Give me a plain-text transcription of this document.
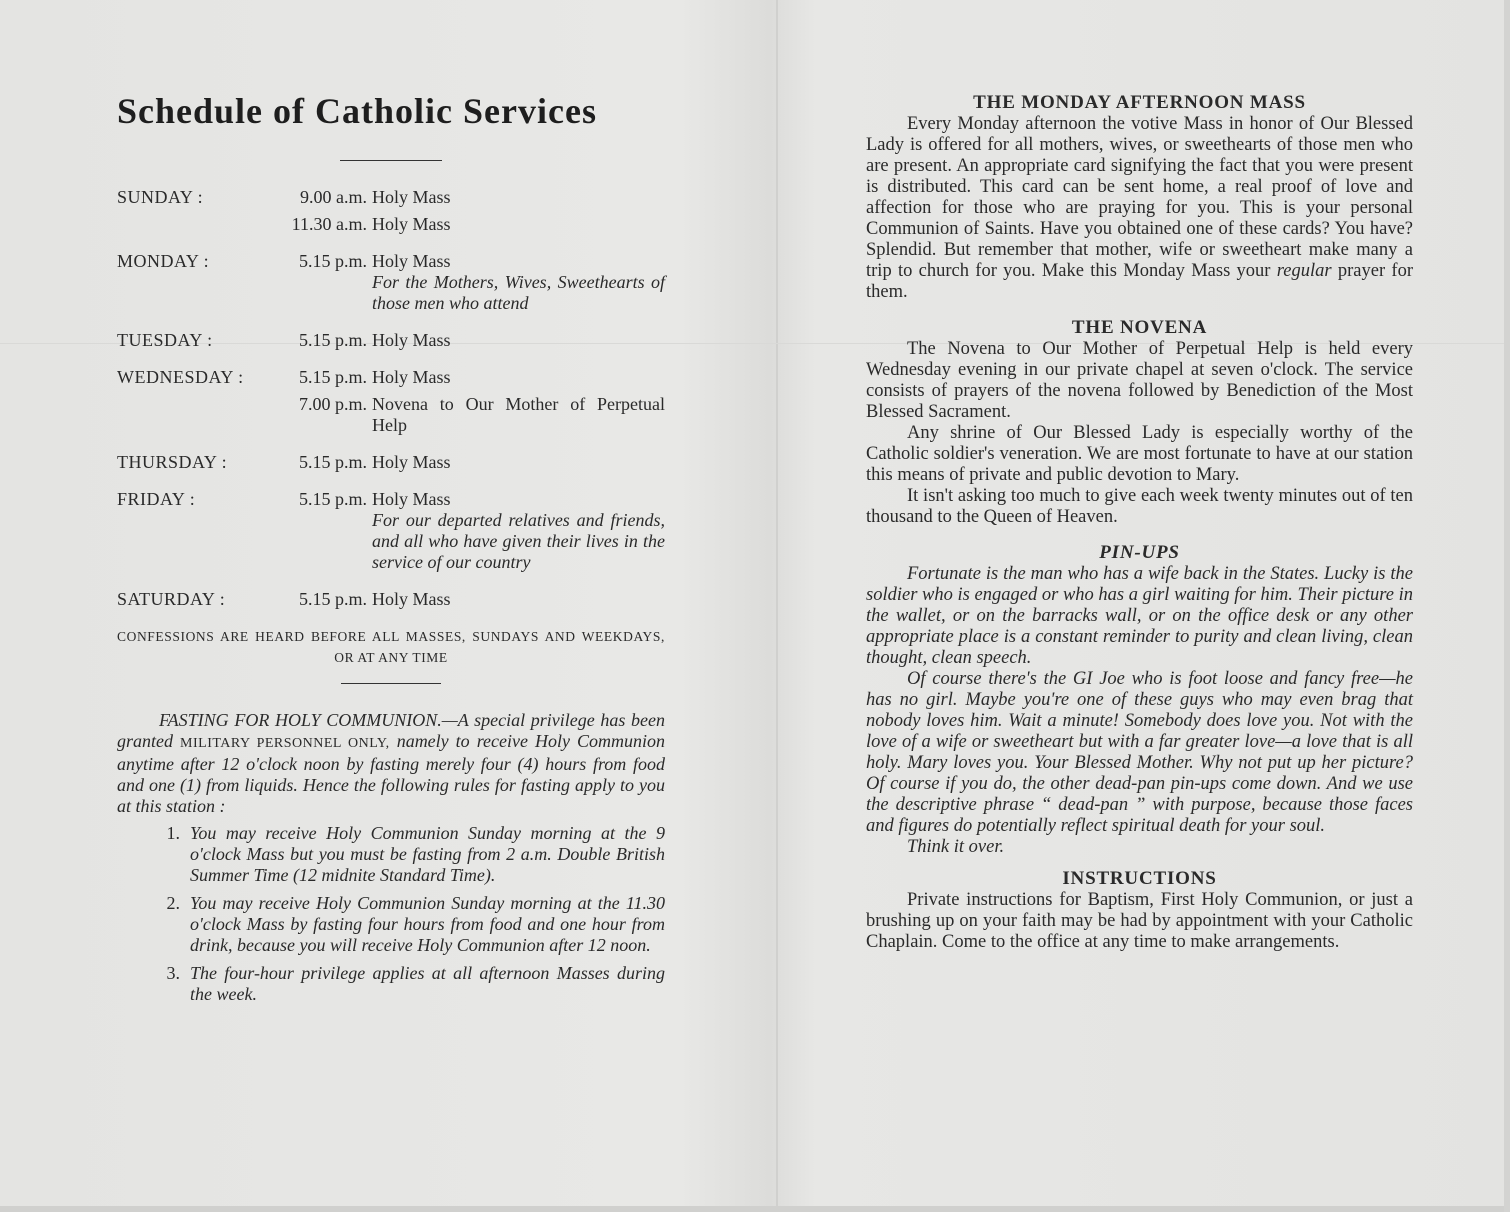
Schedule of Catholic Services
SUNDAY :	9.00 a.m. Holy Mass
11.30 a.m. Holy Mass
MONDAY :	5.15 p.m. Holy Mass
For the Mothers, Wives, Sweethearts of those men who attend
TUESDAY :	5.15 p.m. Holy Mass
WEDNESDAY :	5.15 p.m. Holy Mass
7.00 p.m. Novena to Our Mother of Perpetual Help
THURSDAY :	5.15 p.m. Holy Mass
FRIDAY :	5.15 p.m. Holy Mass
For our departed relatives and friends, and all who have given their lives in the service of our country
SATURDAY :	5.15 p.m. Holy Mass
CONFESSIONS ARE HEARD BEFORE ALL MASSES, SUNDAYS AND WEEKDAYS, OR AT ANY TIME

FASTING FOR HOLY COMMUNION.—A special privilege has been granted MILITARY PERSONNEL ONLY, namely to receive Holy Communion anytime after 12 o'clock noon by fasting merely four (4) hours from food and one (1) from liquids. Hence the following rules for fasting apply to you at this station :

1. You may receive Holy Communion Sunday morning at the 9 o'clock Mass but you must be fasting from 2 a.m. Double British Summer Time (12 midnite Standard Time).
2. You may receive Holy Communion Sunday morning at the 11.30 o'clock Mass by fasting four hours from food and one hour from drink, because you will receive Holy Communion after 12 noon.
3. The four-hour privilege applies at all afternoon Masses during the week.
THE MONDAY AFTERNOON MASS

Every Monday afternoon the votive Mass in honor of Our Blessed Lady is offered for all mothers, wives, or sweethearts of those men who are present. An appropriate card signifying the fact that you were present is distributed. This card can be sent home, a real proof of love and affection for those who are praying for you. This is your personal Communion of Saints. Have you obtained one of these cards? You have? Splendid. But remember that mother, wife or sweetheart make many a trip to church for you. Make this Monday Mass your regular prayer for them.

THE NOVENA

The Novena to Our Mother of Perpetual Help is held every Wednesday evening in our private chapel at seven o'clock. The service consists of prayers of the novena followed by Benediction of the Most Blessed Sacrament.

Any shrine of Our Blessed Lady is especially worthy of the Catholic soldier's veneration. We are most fortunate to have at our station this means of private and public devotion to Mary.

It isn't asking too much to give each week twenty minutes out of ten thousand to the Queen of Heaven.

PIN-UPS

Fortunate is the man who has a wife back in the States. Lucky is the soldier who is engaged or who has a girl waiting for him. Their picture in the wallet, or on the barracks wall, or on the office desk or any other appropriate place is a constant reminder to purity and clean living, clean thought, clean speech.

Of course there's the GI Joe who is foot loose and fancy free—he has no girl. Maybe you're one of these guys who may even brag that nobody loves him. Wait a minute! Somebody does love you. Not with the love of a wife or sweetheart but with a far greater love—a love that is all holy. Mary loves you. Your Blessed Mother. Why not put up her picture? Of course if you do, the other dead-pan pin-ups come down. And we use the descriptive phrase “ dead-pan ” with purpose, because those faces and figures do potentially reflect spiritual death for your soul.

Think it over.

INSTRUCTIONS

Private instructions for Baptism, First Holy Communion, or just a brushing up on your faith may be had by appointment with your Catholic Chaplain. Come to the office at any time to make arrangements.
